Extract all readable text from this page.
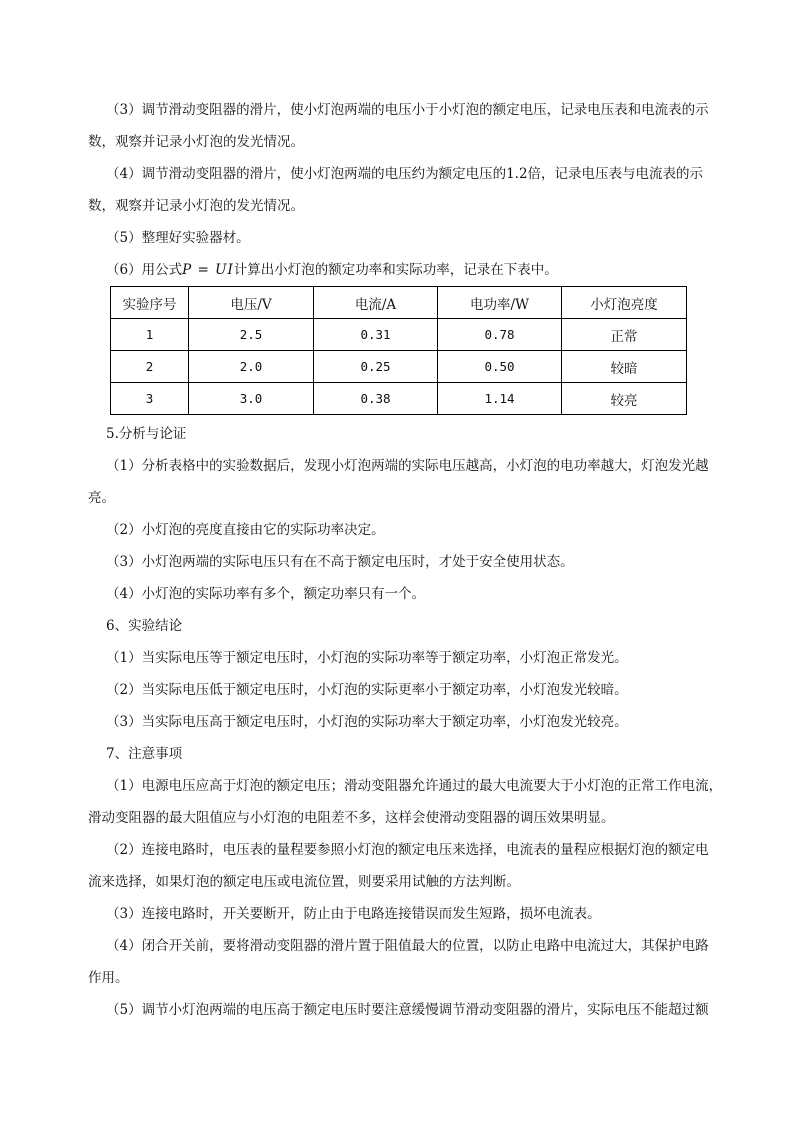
（3）调节滑动变阻器的滑片，使小灯泡两端的电压小于小灯泡的额定电压，记录电压表和电流表的示
数，观察并记录小灯泡的发光情况。
（4）调节滑动变阻器的滑片，使小灯泡两端的电压约为额定电压的1.2倍，记录电压表与电流表的示
数，观察并记录小灯泡的发光情况。
（5）整理好实验器材。
（6）用公式P = UI计算出小灯泡的额定功率和实际功率，记录在下表中。
实验序号	电压/V	电流/A	电功率/W	小灯泡亮度
1	2.5	0.31	0.78	正常
2	2.0	0.25	0.50	较暗
3	3.0	0.38	1.14	较亮
5.分析与论证
（1）分析表格中的实验数据后，发现小灯泡两端的实际电压越高，小灯泡的电功率越大，灯泡发光越
亮。
（2）小灯泡的亮度直接由它的实际功率决定。
（3）小灯泡两端的实际电压只有在不高于额定电压时，才处于安全使用状态。
（4）小灯泡的实际功率有多个，额定功率只有一个。
6、实验结论
（1）当实际电压等于额定电压时，小灯泡的实际功率等于额定功率，小灯泡正常发光。
（2）当实际电压低于额定电压时，小灯泡的实际更率小于额定功率，小灯泡发光较暗。
（3）当实际电压高于额定电压时，小灯泡的实际功率大于额定功率，小灯泡发光较亮。
7、注意事项
（1）电源电压应高于灯泡的额定电压；滑动变阻器允许通过的最大电流要大于小灯泡的正常工作电流，
滑动变阻器的最大阻值应与小灯泡的电阻差不多，这样会使滑动变阻器的调压效果明显。
（2）连接电路时，电压表的量程要参照小灯泡的额定电压来选择，电流表的量程应根据灯泡的额定电
流来选择，如果灯泡的额定电压或电流位置，则要采用试触的方法判断。
（3）连接电路时，开关要断开，防止由于电路连接错误而发生短路，损坏电流表。
（4）闭合开关前，要将滑动变阻器的滑片置于阻值最大的位置，以防止电路中电流过大，其保护电路
作用。
（5）调节小灯泡两端的电压高于额定电压时要注意缓慢调节滑动变阻器的滑片，实际电压不能超过额
